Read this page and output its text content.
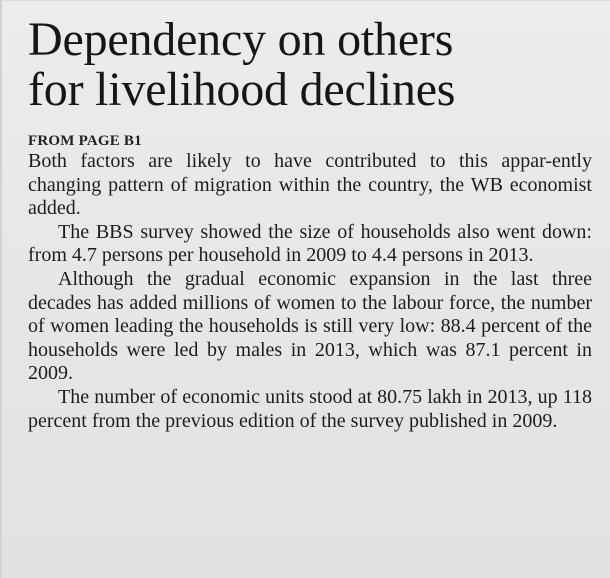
Dependency on others
for livelihood declines
FROM PAGE B1

Both factors are likely to have contributed to this appar-ently changing pattern of migration within the country, the WB economist added.

The BBS survey showed the size of households also went down: from 4.7 persons per household in 2009 to 4.4 persons in 2013.

Although the gradual economic expansion in the last three decades has added millions of women to the labour force, the number of women leading the households is still very low: 88.4 percent of the households were led by males in 2013, which was 87.1 percent in 2009.

The number of economic units stood at 80.75 lakh in 2013, up 118 percent from the previous edition of the survey published in 2009.
